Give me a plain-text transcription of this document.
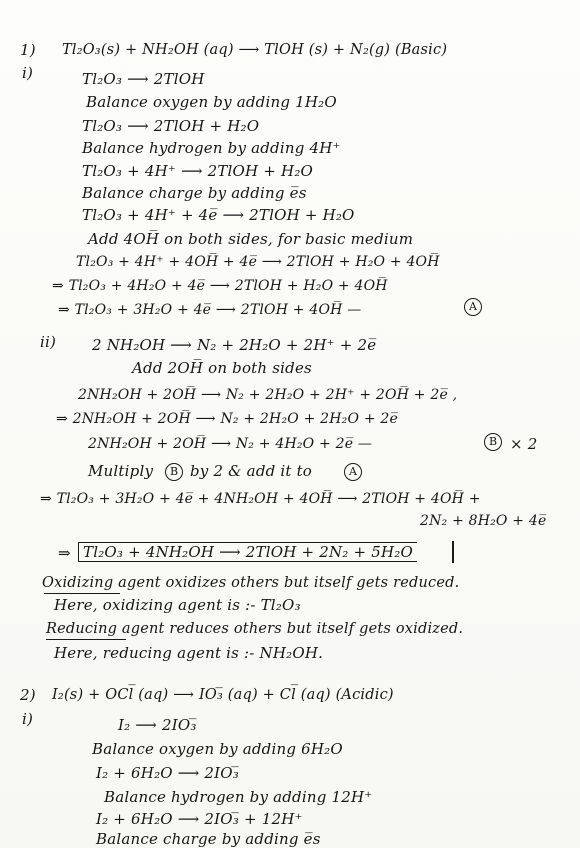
1) Tl₂O₃(s) + NH₂OH (aq) ⟶ TlOH (s) + N₂(g) (Basic)
i)	Tl₂O₃ ⟶ 2TlOH
Balance oxygen by adding 1H₂O
Tl₂O₃ ⟶ 2TlOH + H₂O
Balance hydrogen by adding 4H⁺
Tl₂O₃ + 4H⁺ ⟶ 2TlOH + H₂O
Balance charge by adding e̅s
Tl₂O₃ + 4H⁺ + 4e̅ ⟶ 2TlOH + H₂O
Add 4OH̅ on both sides, for basic medium
Tl₂O₃ + 4H⁺ + 4OH̅ + 4e̅ ⟶ 2TlOH + H₂O + 4OH̅
⇒ Tl₂O₃ + 4H₂O + 4e̅ ⟶ 2TlOH + H₂O + 4OH̅
⇒ Tl₂O₃ + 3H₂O + 4e̅ ⟶ 2TlOH + 4OH̅ —	A
ii) 2 NH₂OH ⟶ N₂ + 2H₂O + 2H⁺ + 2e̅
Add 2OH̅ on both sides
2NH₂OH + 2OH̅ ⟶ N₂ + 2H₂O + 2H⁺ + 2OH̅ + 2e̅ ,
⇒ 2NH₂OH + 2OH̅ ⟶ N₂ + 2H₂O + 2H₂O + 2e̅
2NH₂OH + 2OH̅ ⟶ N₂ + 4H₂O + 2e̅ —	B × 2
Multiply	B by 2 & add it to	A
⇒ Tl₂O₃ + 3H₂O + 4e̅ + 4NH₂OH + 4OH̅ ⟶ 2TlOH + 4OH̅ +
2N₂ + 8H₂O + 4e̅
⇒ Tl₂O₃ + 4NH₂OH ⟶ 2TlOH + 2N₂ + 5H₂O
Oxidizing agent oxidizes others but itself gets reduced.
Here, oxidizing agent is :- Tl₂O₃
Reducing agent reduces others but itself gets oxidized.
Here, reducing agent is :- NH₂OH.
2) I₂(s) + OCl̅ (aq) ⟶ IO₃̅ (aq) + Cl̅ (aq) (Acidic)
i)	I₂ ⟶ 2IO₃̅
Balance oxygen by adding 6H₂O
I₂ + 6H₂O ⟶ 2IO₃̅
Balance hydrogen by adding 12H⁺
I₂ + 6H₂O ⟶ 2IO₃̅ + 12H⁺
Balance charge by adding e̅s
